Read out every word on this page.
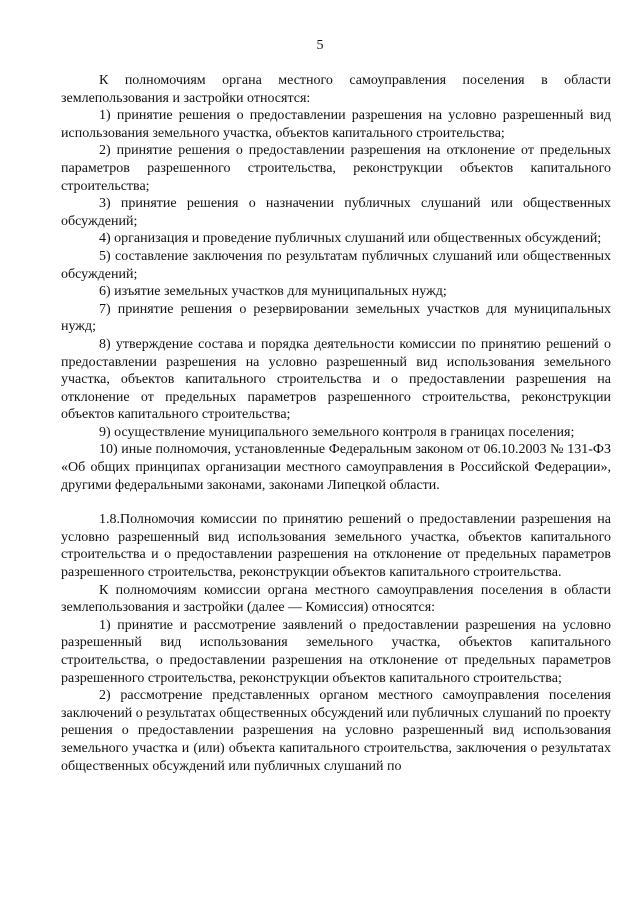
5

К полномочиям органа местного самоуправления поселения в области землепользования и застройки относятся:

1) принятие решения о предоставлении разрешения на условно разрешенный вид использования земельного участка, объектов капитального строительства;

2) принятие решения о предоставлении разрешения на отклонение от предельных параметров разрешенного строительства, реконструкции объектов капитального строительства;

3) принятие решения о назначении публичных слушаний или общественных обсуждений;

4) организация и проведение публичных слушаний или общественных обсуждений;

5) составление заключения по результатам публичных слушаний или общественных обсуждений;

6) изъятие земельных участков для муниципальных нужд;

7) принятие решения о резервировании земельных участков для муниципальных нужд;

8) утверждение состава и порядка деятельности комиссии по принятию решений о предоставлении разрешения на условно разрешенный вид использования земельного участка, объектов капитального строительства и о предоставлении разрешения на отклонение от предельных параметров разрешенного строительства, реконструкции объектов капитального строительства;

9) осуществление муниципального земельного контроля в границах поселения;

10) иные полномочия, установленные Федеральным законом от 06.10.2003 № 131-ФЗ «Об общих принципах организации местного самоуправления в Российской Федерации», другими федеральными законами, законами Липецкой области.

1.8.Полномочия комиссии по принятию решений о предоставлении разрешения на условно разрешенный вид использования земельного участка, объектов капитального строительства и о предоставлении разрешения на отклонение от предельных параметров разрешенного строительства, реконструкции объектов капитального строительства.

К полномочиям комиссии органа местного самоуправления поселения в области землепользования и застройки (далее — Комиссия) относятся:

1) принятие и рассмотрение заявлений о предоставлении разрешения на условно разрешенный вид использования земельного участка, объектов капитального строительства, о предоставлении разрешения на отклонение от предельных параметров разрешенного строительства, реконструкции объектов капитального строительства;

2) рассмотрение представленных органом местного самоуправления поселения заключений о результатах общественных обсуждений или публичных слушаний по проекту решения о предоставлении разрешения на условно разрешенный вид использования земельного участка и (или) объекта капитального строительства, заключения о результатах общественных обсуждений или публичных слушаний по
